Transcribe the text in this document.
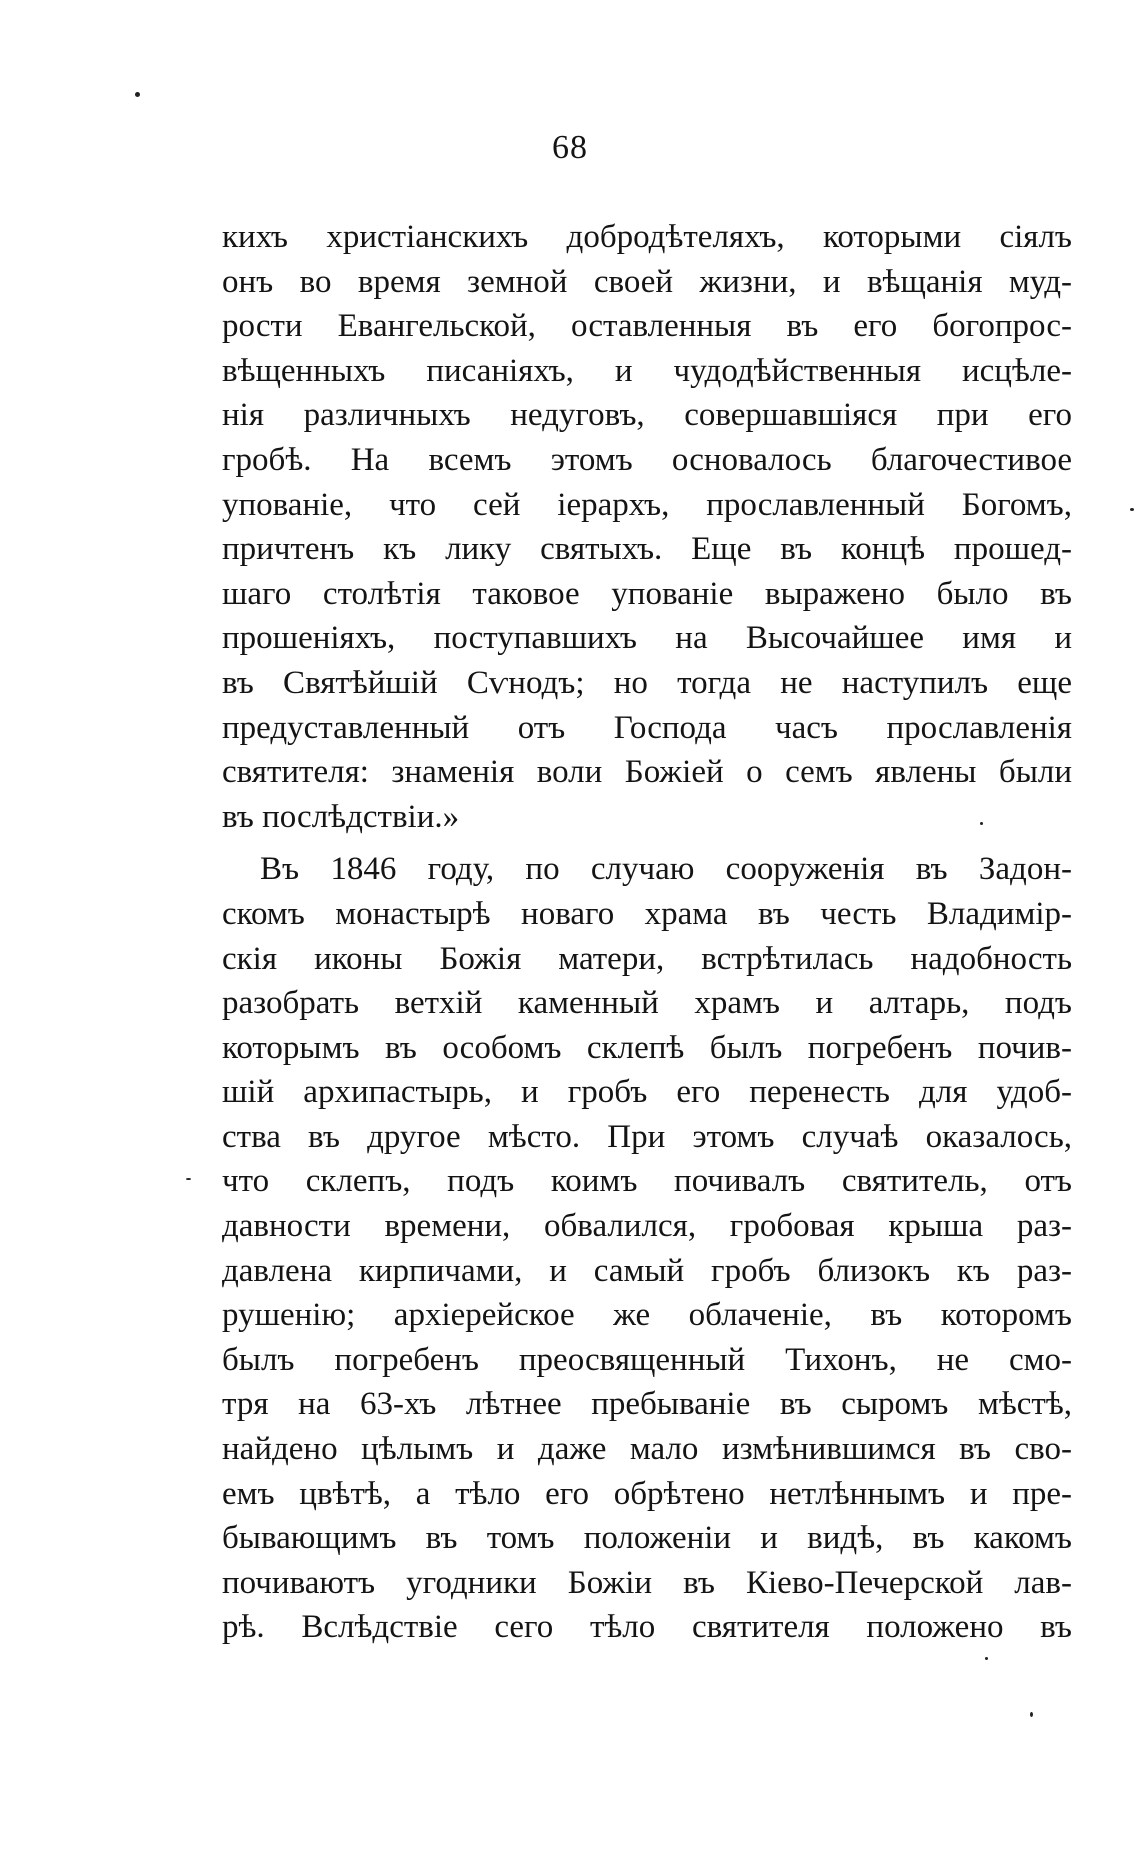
68
кихъ христіанскихъ добродѣтеляхъ, которыми сіялъ
онъ во время земной своей жизни, и вѣщанія муд-
рости Евангельской, оставленныя въ его богопрос-
вѣщенныхъ писаніяхъ, и чудодѣйственныя исцѣле-
нія различныхъ недуговъ, совершавшіяся при его
гробѣ. На всемъ этомъ основалось благочестивое
упованіе, что сей іерархъ, прославленный Богомъ,
причтенъ къ лику святыхъ. Еще въ концѣ прошед-
шаго столѣтія таковое упованіе выражено было въ
прошеніяхъ, поступавшихъ на Высочайшее имя и
въ Святѣйшій Сѵнодъ; но тогда не наступилъ еще
предуставленный отъ Господа часъ прославленія
святителя: знаменія воли Божіей о семъ явлены были
въ послѣдствіи.»
Въ 1846 году, по случаю сооруженія въ Задон-
скомъ монастырѣ новаго храма въ честь Владимір-
скія иконы Божія матери, встрѣтилась надобность
разобрать ветхій каменный храмъ и алтарь, подъ
которымъ въ особомъ склепѣ былъ погребенъ почив-
шій архипастырь, и гробъ его перенесть для удоб-
ства въ другое мѣсто. При этомъ случаѣ оказалось,
что склепъ, подъ коимъ почивалъ святитель, отъ
давности времени, обвалился, гробовая крыша раз-
давлена кирпичами, и самый гробъ близокъ къ раз-
рушенію; архіерейское же облаченіе, въ которомъ
былъ погребенъ преосвященный Тихонъ, не смо-
тря на 63-хъ лѣтнее пребываніе въ сыромъ мѣстѣ,
найдено цѣлымъ и даже мало измѣнившимся въ сво-
емъ цвѣтѣ, а тѣло его обрѣтено нетлѣннымъ и пре-
бывающимъ въ томъ положеніи и видѣ, въ какомъ
почиваютъ угодники Божіи въ Кіево-Печерской лав-
рѣ. Вслѣдствіе сего тѣло святителя положено въ
